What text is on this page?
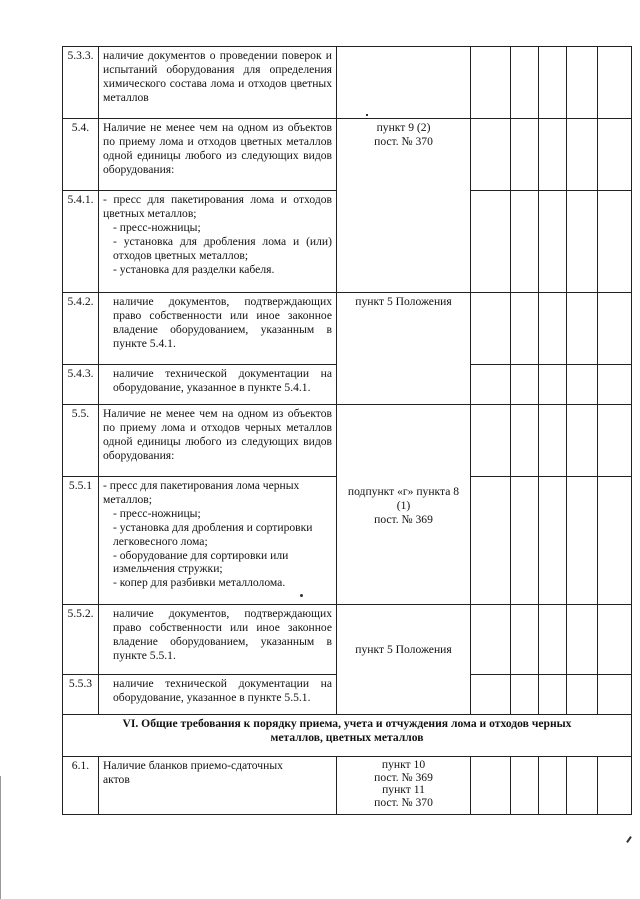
5.3.3.	наличие документов о проведении поверок и испытаний оборудования для определения химического состава лома и отходов цветных металлов						

5.4.	Наличие не менее чем на одном из объектов по приему лома и отходов цветных металлов одной единицы любого из следующих видов оборудования:	пункт 9 (2)
пост. № 370					

5.4.1.	- пресс для пакетирования лома и отходов цветных металлов;
- пресс-ножницы;
- установка для дробления лома и (или) отходов цветных металлов;
- установка для разделки кабеля.						

5.4.2.	наличие документов, подтверждающих право собственности или иное законное владение оборудованием, указанным в пункте 5.4.1.	пункт 5 Положения					

5.4.3.	наличие технической документации на оборудование, указанное в пункте 5.4.1.						

5.5.	Наличие не менее чем на одном из объектов по приему лома и отходов черных металлов одной единицы любого из следующих видов оборудования:	подпункт «г» пункта 8
(1)
пост. № 369					

5.5.1	- пресс для пакетирования лома черных металлов;
- пресс-ножницы;
- установка для дробления и сортировки легковесного лома;
- оборудование для сортировки или измельчения стружки;
- копер для разбивки металлолома.						

5.5.2.	наличие документов, подтверждающих право собственности или иное законное владение оборудованием, указанным в пункте 5.5.1.	пункт 5 Положения					

5.5.3	наличие технической документации на оборудование, указанное в пункте 5.5.1.						

VI. Общие требования к порядку приема, учета и отчуждения лома и отходов черных
металлов, цветных металлов							

6.1.	Наличие бланков приемо-сдаточных актов	пункт 10
пост. № 369
пункт 11
пост. № 370					
